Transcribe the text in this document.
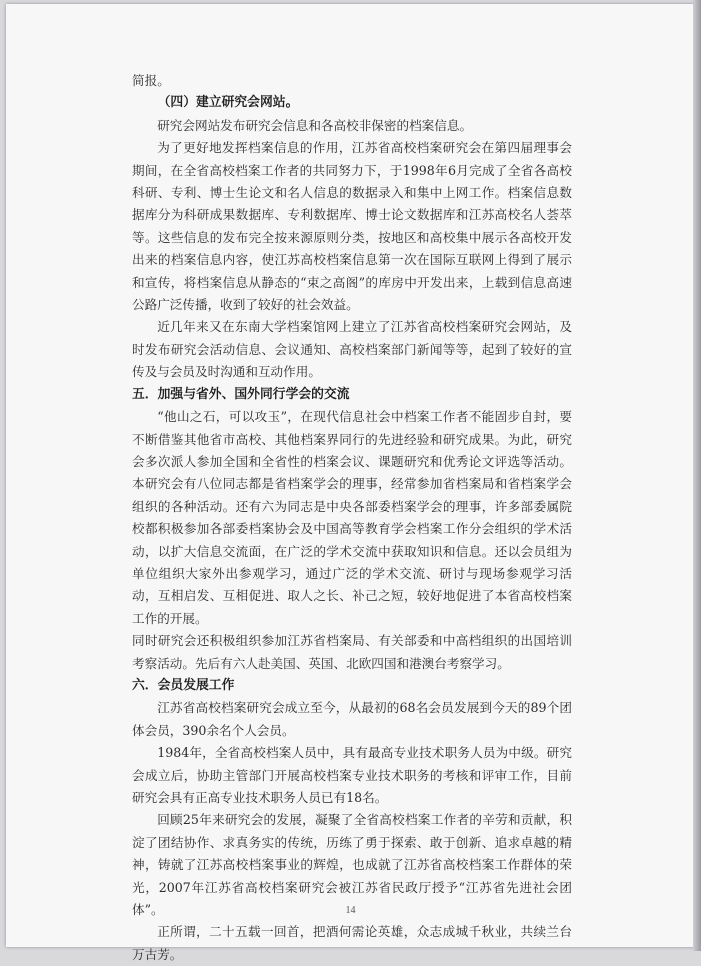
简报。

（四）建立研究会网站。

研究会网站发布研究会信息和各高校非保密的档案信息。

为了更好地发挥档案信息的作用，江苏省高校档案研究会在第四届理事会期间，在全省高校档案工作者的共同努力下，于1998年6月完成了全省各高校科研、专利、博士生论文和名人信息的数据录入和集中上网工作。档案信息数据库分为科研成果数据库、专利数据库、博士论文数据库和江苏高校名人荟萃等。这些信息的发布完全按来源原则分类，按地区和高校集中展示各高校开发出来的档案信息内容，使江苏高校档案信息第一次在国际互联网上得到了展示和宣传，将档案信息从静态的“束之高阁”的库房中开发出来，上载到信息高速公路广泛传播，收到了较好的社会效益。

近几年来又在东南大学档案馆网上建立了江苏省高校档案研究会网站，及时发布研究会活动信息、会议通知、高校档案部门新闻等等，起到了较好的宣传及与会员及时沟通和互动作用。

五．加强与省外、国外同行学会的交流

“他山之石，可以攻玉”，在现代信息社会中档案工作者不能固步自封，要不断借鉴其他省市高校、其他档案界同行的先进经验和研究成果。为此，研究会多次派人参加全国和全省性的档案会议、课题研究和优秀论文评选等活动。本研究会有八位同志都是省档案学会的理事，经常参加省档案局和省档案学会组织的各种活动。还有六为同志是中央各部委档案学会的理事，许多部委属院校都积极参加各部委档案协会及中国高等教育学会档案工作分会组织的学术活动，以扩大信息交流面，在广泛的学术交流中获取知识和信息。还以会员组为单位组织大家外出参观学习，通过广泛的学术交流、研讨与现场参观学习活动，互相启发、互相促进、取人之长、补己之短，较好地促进了本省高校档案工作的开展。

同时研究会还积极组织参加江苏省档案局、有关部委和中高档组织的出国培训考察活动。先后有六人赴美国、英国、北欧四国和港澳台考察学习。

六．会员发展工作

江苏省高校档案研究会成立至今，从最初的68名会员发展到今天的89个团体会员，390余名个人会员。

1984年，全省高校档案人员中，具有最高专业技术职务人员为中级。研究会成立后，协助主管部门开展高校档案专业技术职务的考核和评审工作，目前研究会具有正高专业技术职务人员已有18名。

回顾25年来研究会的发展，凝聚了全省高校档案工作者的辛劳和贡献，积淀了团结协作、求真务实的传统，历练了勇于探索、敢于创新、追求卓越的精神，铸就了江苏高校档案事业的辉煌，也成就了江苏省高校档案工作群体的荣光，2007年江苏省高校档案研究会被江苏省民政厅授予“江苏省先进社会团体”。

正所谓，二十五载一回首，把酒何需论英雄，众志成城千秋业，共续兰台万古芳。

14
